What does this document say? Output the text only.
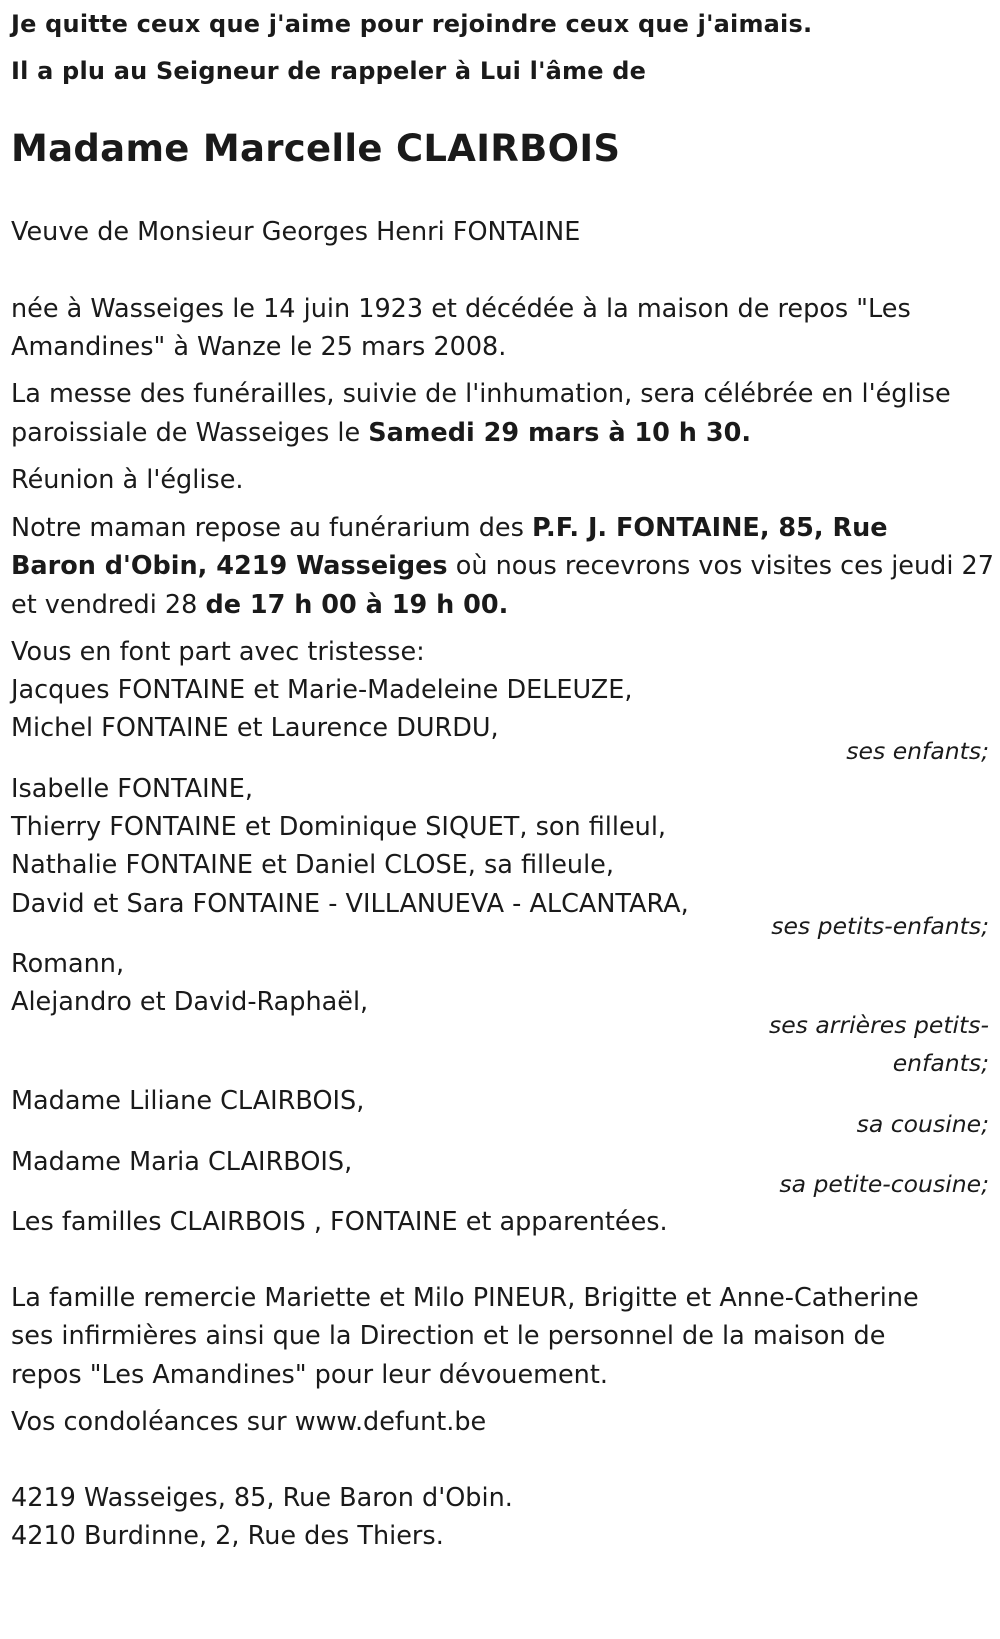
Je quitte ceux que j'aime pour rejoindre ceux que j'aimais.
Il a plu au Seigneur de rappeler à Lui l'âme de
Madame Marcelle CLAIRBOIS
Veuve de Monsieur Georges Henri FONTAINE
née à Wasseiges le 14 juin 1923 et décédée à la maison de repos "Les
Amandines" à Wanze le 25 mars 2008.
La messe des funérailles, suivie de l'inhumation, sera célébrée en l'église
paroissiale de Wasseiges le Samedi 29 mars à 10 h 30.
Réunion à l'église.
Notre maman repose au funérarium des P.F. J. FONTAINE, 85, Rue
Baron d'Obin, 4219 Wasseiges où nous recevrons vos visites ces jeudi 27
et vendredi 28 de 17 h 00 à 19 h 00.
Vous en font part avec tristesse:
Jacques FONTAINE et Marie-Madeleine DELEUZE,
Michel FONTAINE et Laurence DURDU,
ses enfants;
Isabelle FONTAINE,
Thierry FONTAINE et Dominique SIQUET, son filleul,
Nathalie FONTAINE et Daniel CLOSE, sa filleule,
David et Sara FONTAINE - VILLANUEVA - ALCANTARA,
ses petits-enfants;
Romann,
Alejandro et David-Raphaël,
ses arrières petits-
enfants;
Madame Liliane CLAIRBOIS,
sa cousine;
Madame Maria CLAIRBOIS,
sa petite-cousine;
Les familles CLAIRBOIS , FONTAINE et apparentées.
La famille remercie Mariette et Milo PINEUR, Brigitte et Anne-Catherine
ses infirmières ainsi que la Direction et le personnel de la maison de
repos "Les Amandines" pour leur dévouement.
Vos condoléances sur www.defunt.be
4219 Wasseiges, 85, Rue Baron d'Obin.
4210 Burdinne, 2, Rue des Thiers.
